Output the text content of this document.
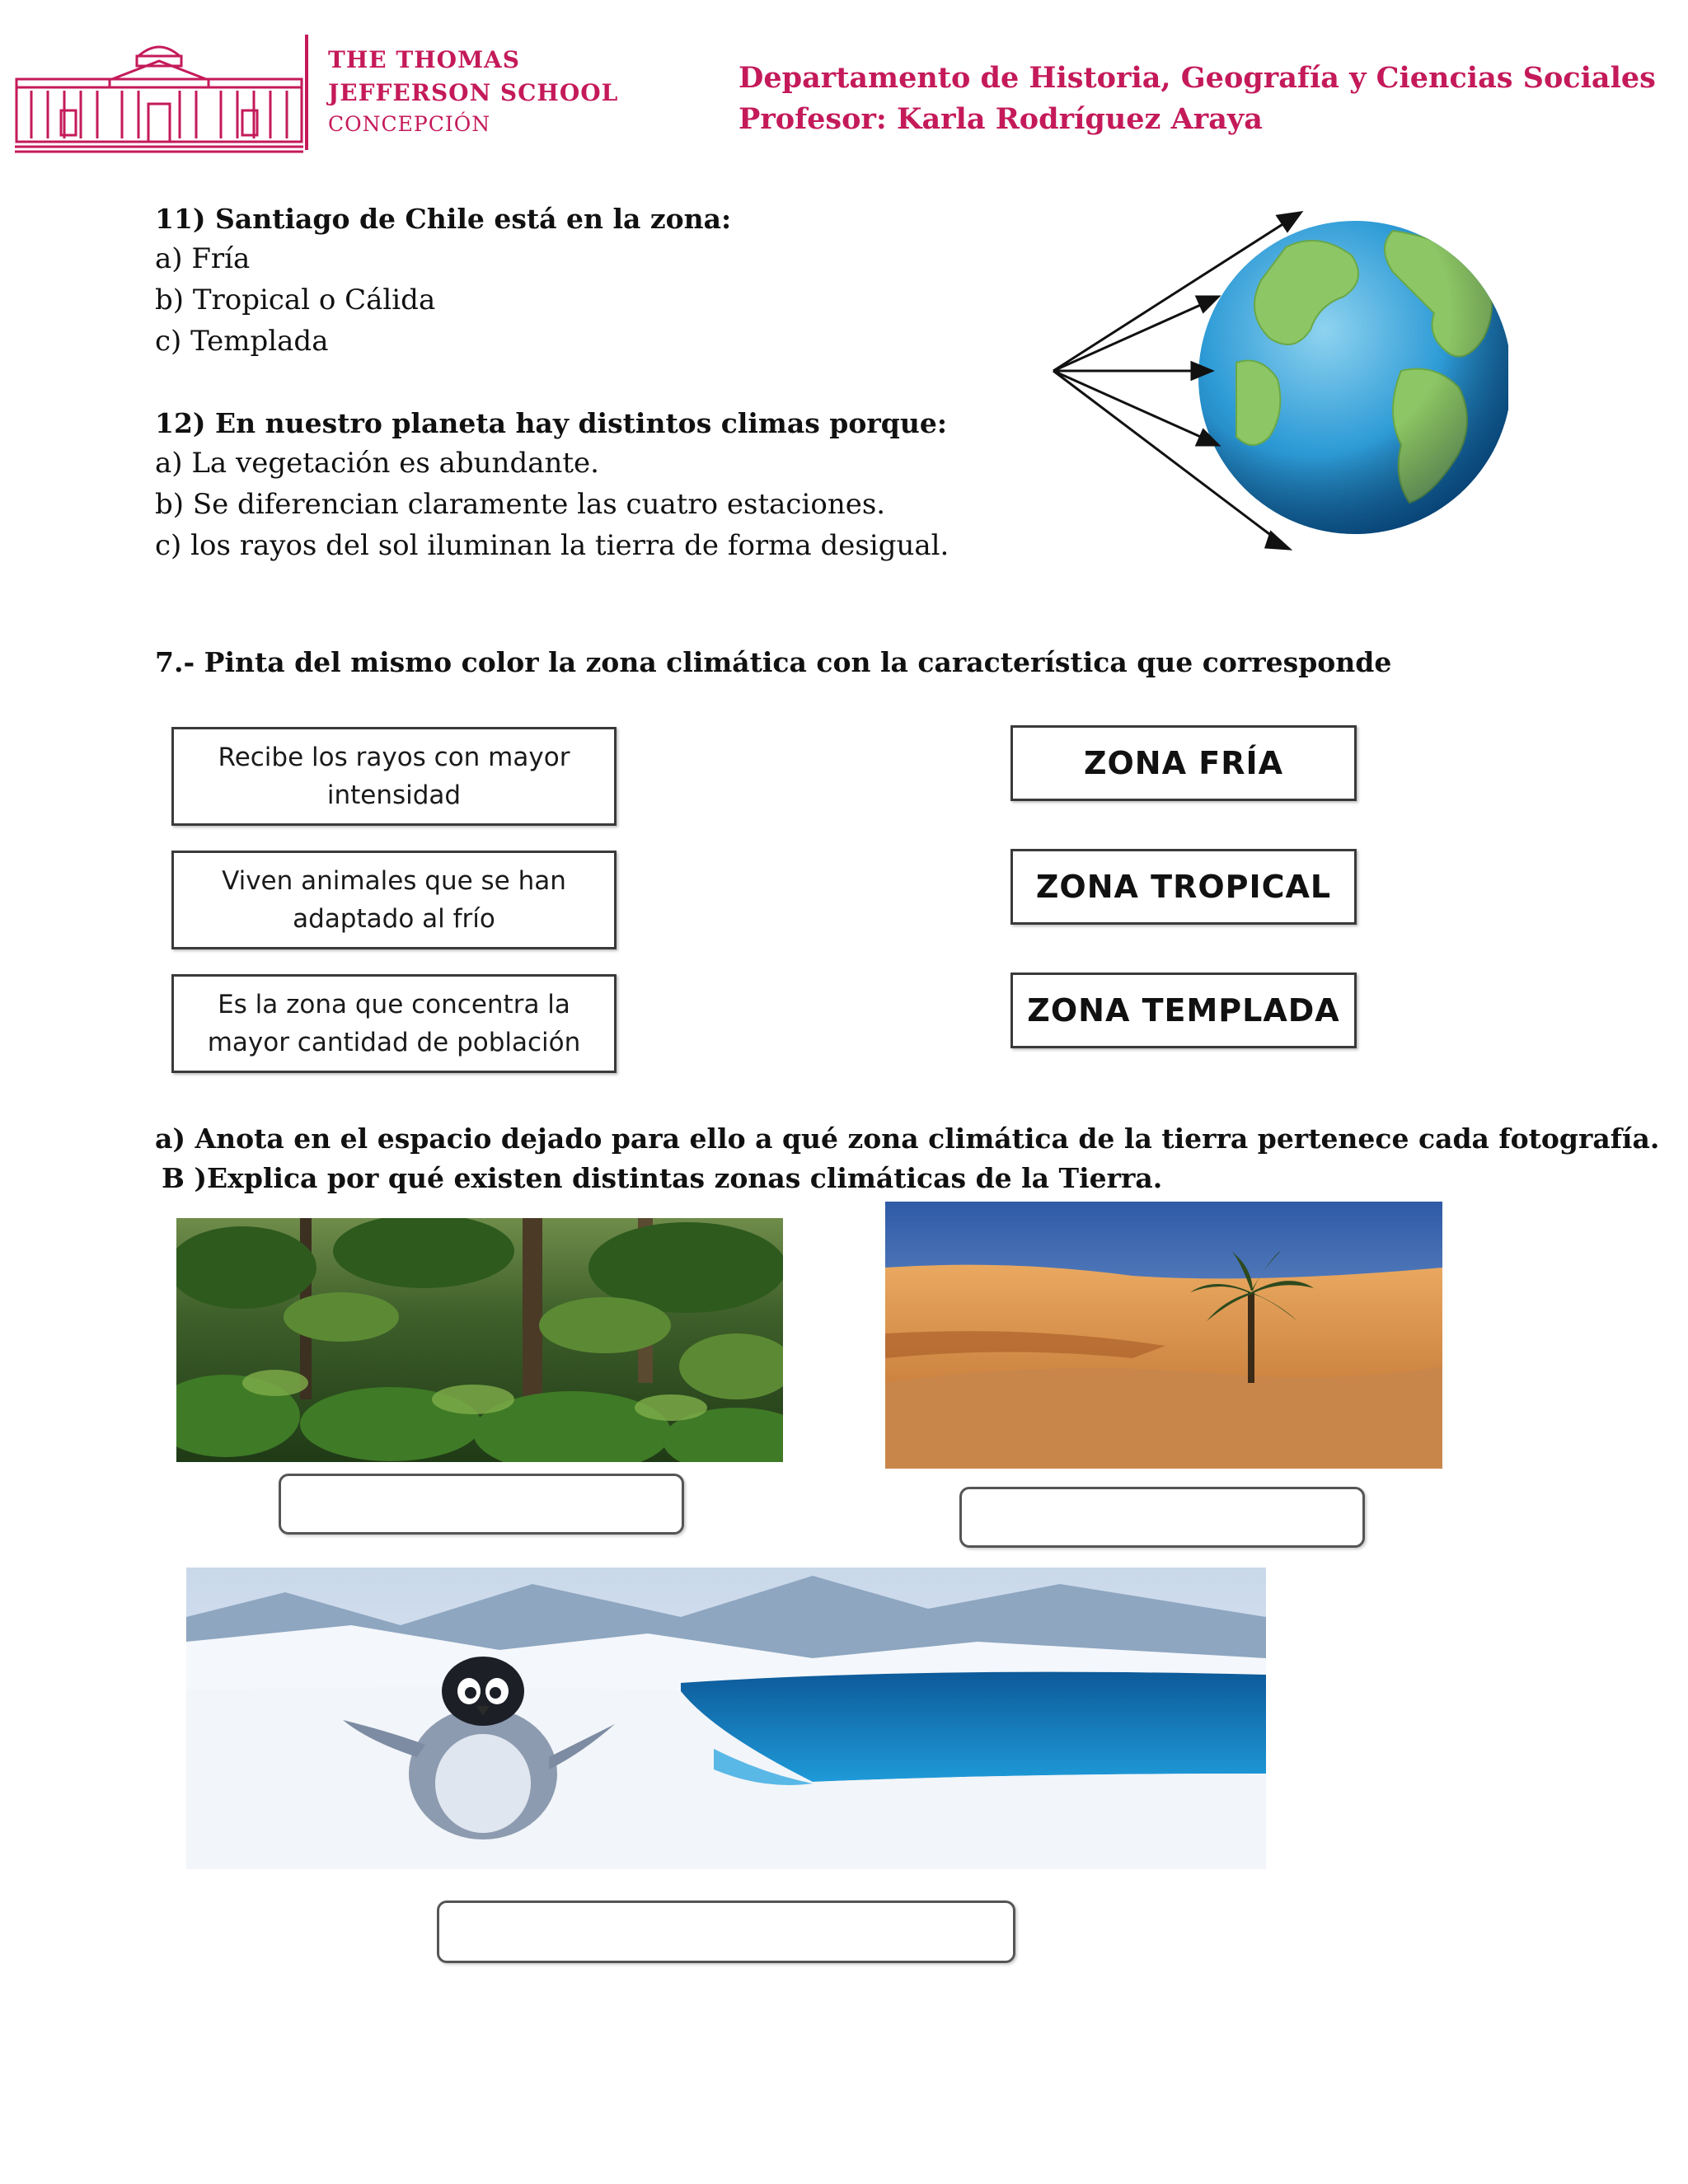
THE THOMAS
JEFFERSON SCHOOL
CONCEPCIÓN
Departamento de Historia, Geografía y Ciencias Sociales
Profesor: Karla Rodríguez Araya
11) Santiago de Chile está en la zona:
a) Fría
b) Tropical o Cálida
c) Templada
12) En nuestro planeta hay distintos climas porque:
a) La vegetación es abundante.
b) Se diferencian claramente las cuatro estaciones.
c) los rayos del sol iluminan la tierra de forma desigual.
7.- Pinta del mismo color la zona climática con la característica que corresponde
Recibe los rayos con mayor intensidad
Viven animales que se han adaptado al frío
Es la zona que concentra la mayor cantidad de población
ZONA FRÍA
ZONA TROPICAL
ZONA TEMPLADA
a) Anota en el espacio dejado para ello a qué zona climática de la tierra pertenece cada fotografía.
B )Explica por qué existen distintas zonas climáticas de la Tierra.
